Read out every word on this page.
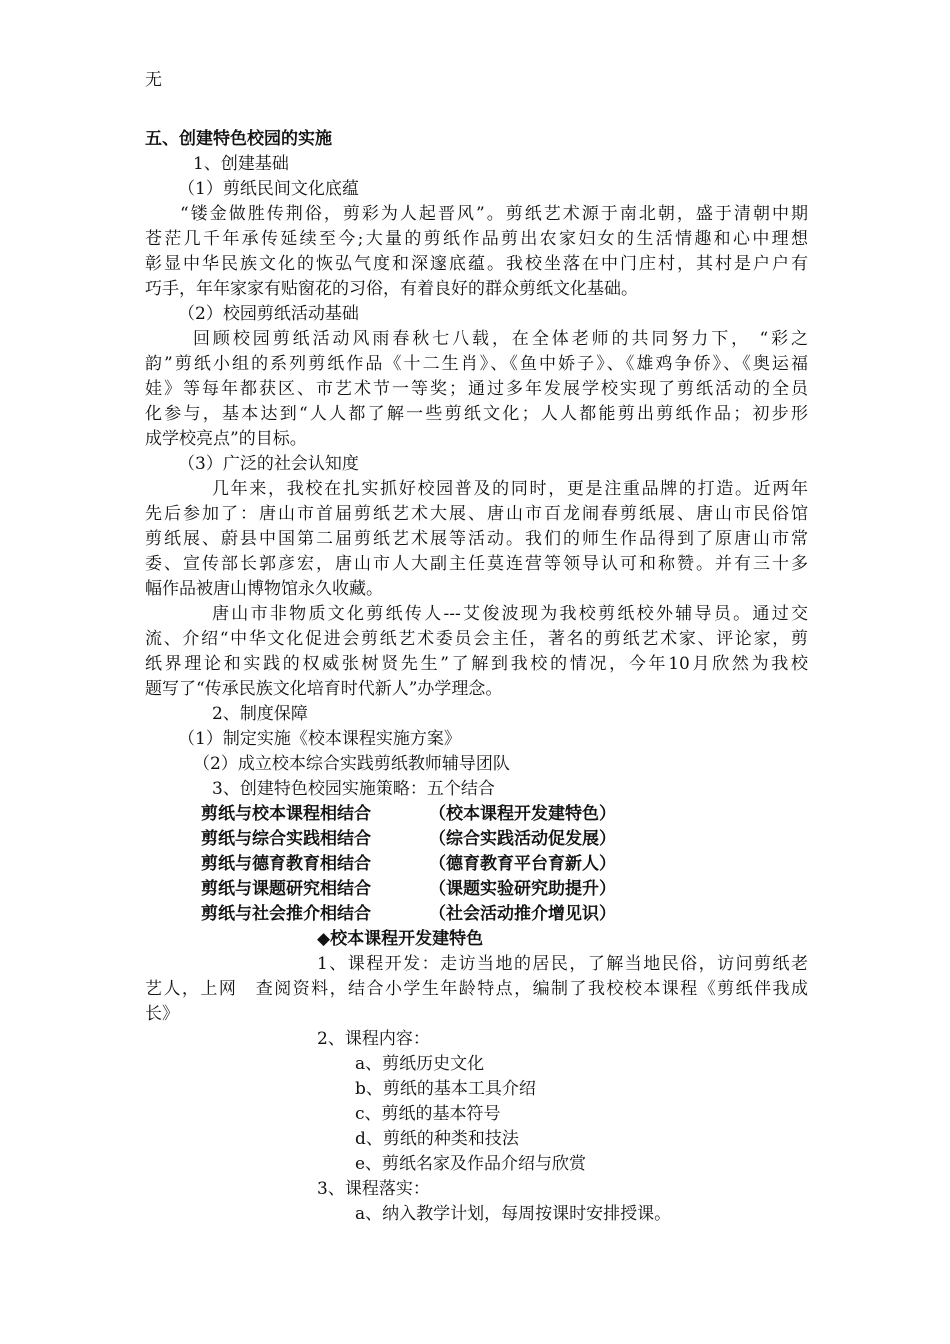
无
五、创建特色校园的实施
1、创建基础
（1）剪纸民间文化底蕴
“镂金做胜传荆俗，剪彩为人起晋风”。剪纸艺术源于南北朝，盛于清朝中期
苍茫几千年承传延续至今;大量的剪纸作品剪出农家妇女的生活情趣和心中理想
彰显中华民族文化的恢弘气度和深邃底蕴。我校坐落在中门庄村，其村是户户有
巧手，年年家家有贴窗花的习俗，有着良好的群众剪纸文化基础。
（2）校园剪纸活动基础
回顾校园剪纸活动风雨春秋七八载，在全体老师的共同努力下， “彩之
韵”剪纸小组的系列剪纸作品《十二生肖》、《鱼中娇子》、《雄鸡争侨》、《奥运福
娃》等每年都获区、市艺术节一等奖；通过多年发展学校实现了剪纸活动的全员
化参与，基本达到“人人都了解一些剪纸文化；人人都能剪出剪纸作品；初步形
成学校亮点”的目标。
（3）广泛的社会认知度
几年来，我校在扎实抓好校园普及的同时，更是注重品牌的打造。近两年
先后参加了：唐山市首届剪纸艺术大展、唐山市百龙闹春剪纸展、唐山市民俗馆
剪纸展、蔚县中国第二届剪纸艺术展等活动。我们的师生作品得到了原唐山市常
委、宣传部长郭彦宏，唐山市人大副主任莫连营等领导认可和称赞。并有三十多
幅作品被唐山博物馆永久收藏。
唐山市非物质文化剪纸传人---艾俊波现为我校剪纸校外辅导员。通过交
流、介绍“中华文化促进会剪纸艺术委员会主任，著名的剪纸艺术家、评论家，剪
纸界理论和实践的权威张树贤先生”了解到我校的情况，今年10月欣然为我校
题写了“传承民族文化培育时代新人”办学理念。
2、制度保障
（1）制定实施《校本课程实施方案》
（2）成立校本综合实践剪纸教师辅导团队
3、创建特色校园实施策略：五个结合
剪纸与校本课程相结合	（校本课程开发建特色）
剪纸与综合实践相结合	（综合实践活动促发展）
剪纸与德育教育相结合	（德育教育平台育新人）
剪纸与课题研究相结合	（课题实验研究助提升）
剪纸与社会推介相结合	（社会活动推介增见识）
◆校本课程开发建特色
1、课程开发：走访当地的居民，了解当地民俗，访问剪纸老
艺人，上网　查阅资料，结合小学生年龄特点，编制了我校校本课程《剪纸伴我成
长》
2、课程内容：
a、剪纸历史文化
b、剪纸的基本工具介绍
c、剪纸的基本符号
d、剪纸的种类和技法
e、剪纸名家及作品介绍与欣赏
3、课程落实：
a、纳入教学计划，每周按课时安排授课。
